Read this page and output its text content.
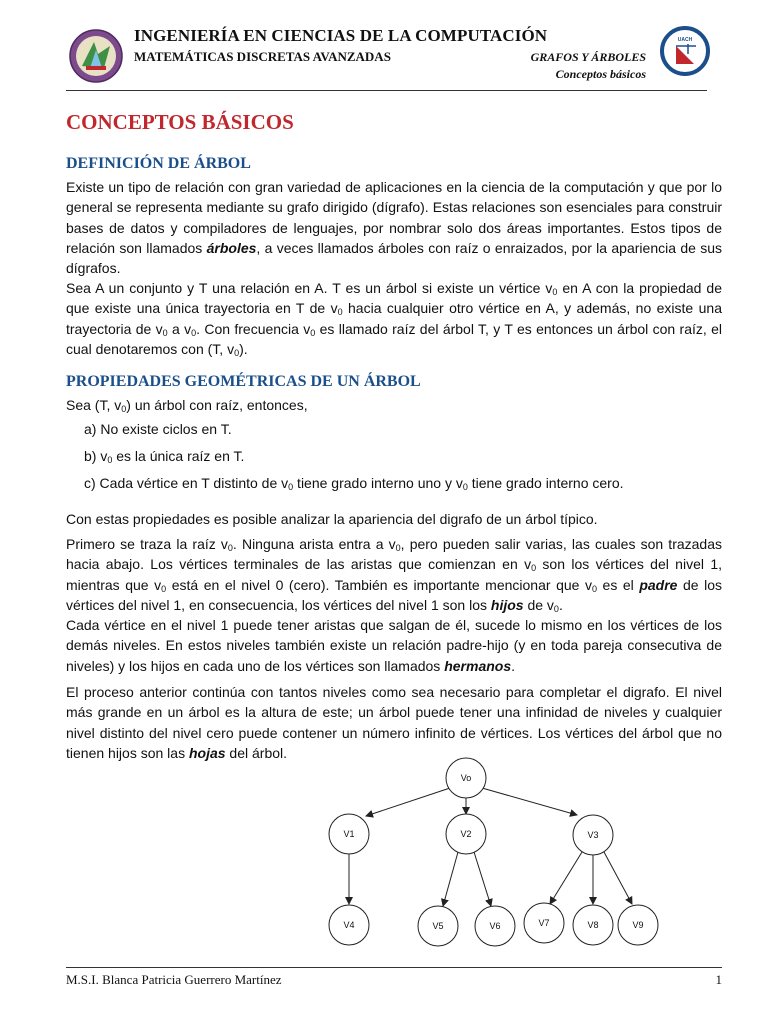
INGENIERÍA EN CIENCIAS DE LA COMPUTACIÓN
MATEMÁTICAS DISCRETAS AVANZADAS	GRAFOS Y ÁRBOLES
Conceptos básicos
UACH
CONCEPTOS BÁSICOS
DEFINICIÓN DE ÁRBOL
Existe un tipo de relación con gran variedad de aplicaciones en la ciencia de la computación y que por lo general se representa mediante su grafo dirigido (dígrafo). Estas relaciones son esenciales para construir bases de datos y compiladores de lenguajes, por nombrar solo dos áreas importantes. Estos tipos de relación son llamados árboles, a veces llamados árboles con raíz o enraizados, por la apariencia de sus dígrafos.
Sea A un conjunto y T una relación en A. T es un árbol si existe un vértice $v_0$ en A con la propiedad de que existe una única trayectoria en T de $v_0$ hacia cualquier otro vértice en A, y además, no existe una trayectoria de $v_0$ a $v_0$. Con frecuencia $v_0$ es llamado raíz del árbol T, y T es entonces un árbol con raíz, el cual denotaremos con (T, $v_0$).
PROPIEDADES GEOMÉTRICAS DE UN ÁRBOL
Sea (T, $v_0$) un árbol con raíz, entonces,
a) No existe ciclos en T.
b) $v_0$ es la única raíz en T.
c) Cada vértice en T distinto de $v_0$ tiene grado interno uno y $v_0$ tiene grado interno cero.
Con estas propiedades es posible analizar la apariencia del digrafo de un árbol típico.
Primero se traza la raíz $v_0$. Ninguna arista entra a $v_0$, pero pueden salir varias, las cuales son trazadas hacia abajo. Los vértices terminales de las aristas que comienzan en $v_0$ son los vértices del nivel 1, mientras que $v_0$ está en el nivel 0 (cero). También es importante mencionar que $v_0$ es el padre de los vértices del nivel 1, en consecuencia, los vértices del nivel 1 son los hijos de $v_0$.
Cada vértice en el nivel 1 puede tener aristas que salgan de él, sucede lo mismo en los vértices de los demás niveles. En estos niveles también existe un relación padre-hijo (y en toda pareja consecutiva de niveles) y los hijos en cada uno de los vértices son llamados hermanos.
El proceso anterior continúa con tantos niveles como sea necesario para completar el digrafo. El nivel más grande en un árbol es la altura de este; un árbol puede tener una infinidad de niveles y cualquier nivel distinto del nivel cero puede contener un número infinito de vértices. Los vértices del árbol que no tienen hijos son las hojas del árbol.
Vo
V1	V2	V3
V4	V5	V6	V7	V8	V9
M.S.I. Blanca Patricia Guerrero Martínez	1
